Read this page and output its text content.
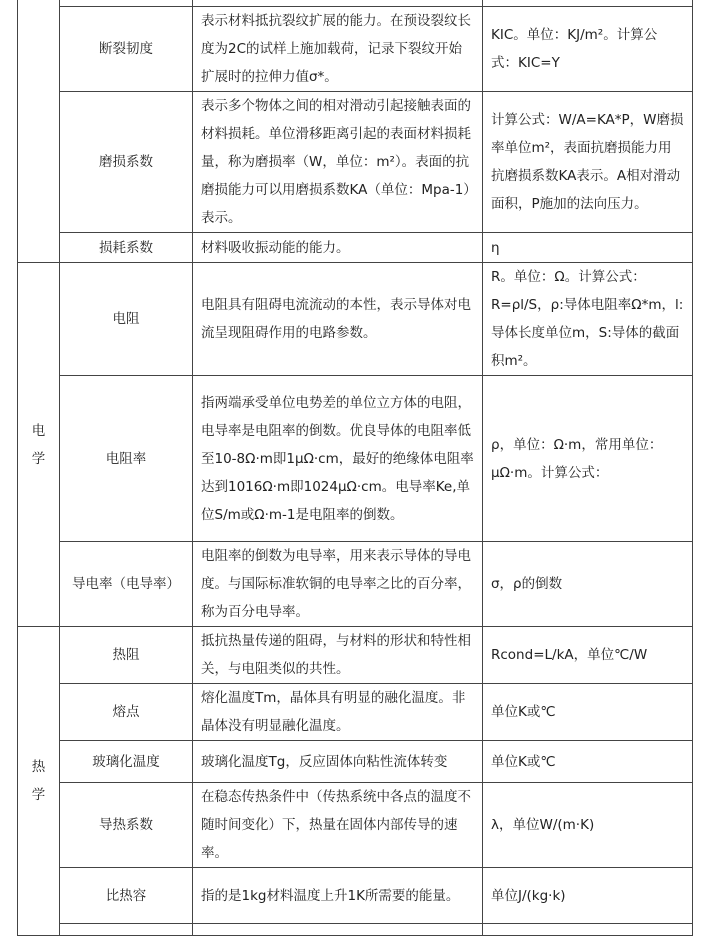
	断裂韧度	表示材料抵抗裂纹扩展的能力。在预设裂纹长度为2C的试样上施加载荷，记录下裂纹开始扩展时的拉伸力值σ*。	KIC。单位：KJ/m²。计算公式：KIC=Y
	磨损系数	表示多个物体之间的相对滑动引起接触表面的材料损耗。单位滑移距离引起的表面材料损耗量，称为磨损率（W，单位：m²）。表面的抗磨损能力可以用磨损系数KA（单位：Mpa-1）表示。	计算公式：W/A=KA*P，W磨损率单位m²，表面抗磨损能力用抗磨损系数KA表示。A相对滑动面积，P施加的法向压力。
	损耗系数	材料吸收振动能的能力。	η
电学	电阻	电阻具有阻碍电流流动的本性，表示导体对电流呈现阻碍作用的电路参数。	R。单位：Ω。计算公式：R=ρl/S，ρ:导体电阻率Ω*m，l:导体长度单位m，S:导体的截面积m²。
	电阻率	指两端承受单位电势差的单位立方体的电阻，电导率是电阻率的倒数。优良导体的电阻率低至10-8Ω·m即1μΩ·cm，最好的绝缘体电阻率达到1016Ω·m即1024μΩ·cm。电导率Ke,单位S/m或Ω·m-1是电阻率的倒数。	ρ，单位：Ω·m，常用单位：μΩ·m。计算公式：
	导电率（电导率）	电阻率的倒数为电导率，用来表示导体的导电度。与国际标准软铜的电导率之比的百分率，称为百分电导率。	σ，ρ的倒数
热学	热阻	抵抗热量传递的阻碍，与材料的形状和特性相关，与电阻类似的共性。	Rcond=L/kA，单位℃/W
	熔点	熔化温度Tm，晶体具有明显的融化温度。非晶体没有明显融化温度。	单位K或℃
	玻璃化温度	玻璃化温度Tg，反应固体向粘性流体转变	单位K或℃
	导热系数	在稳态传热条件中（传热系统中各点的温度不随时间变化）下，热量在固体内部传导的速率。	λ，单位W/(m·K)
	比热容	指的是1kg材料温度上升1K所需要的能量。	单位J/(kg·k)
